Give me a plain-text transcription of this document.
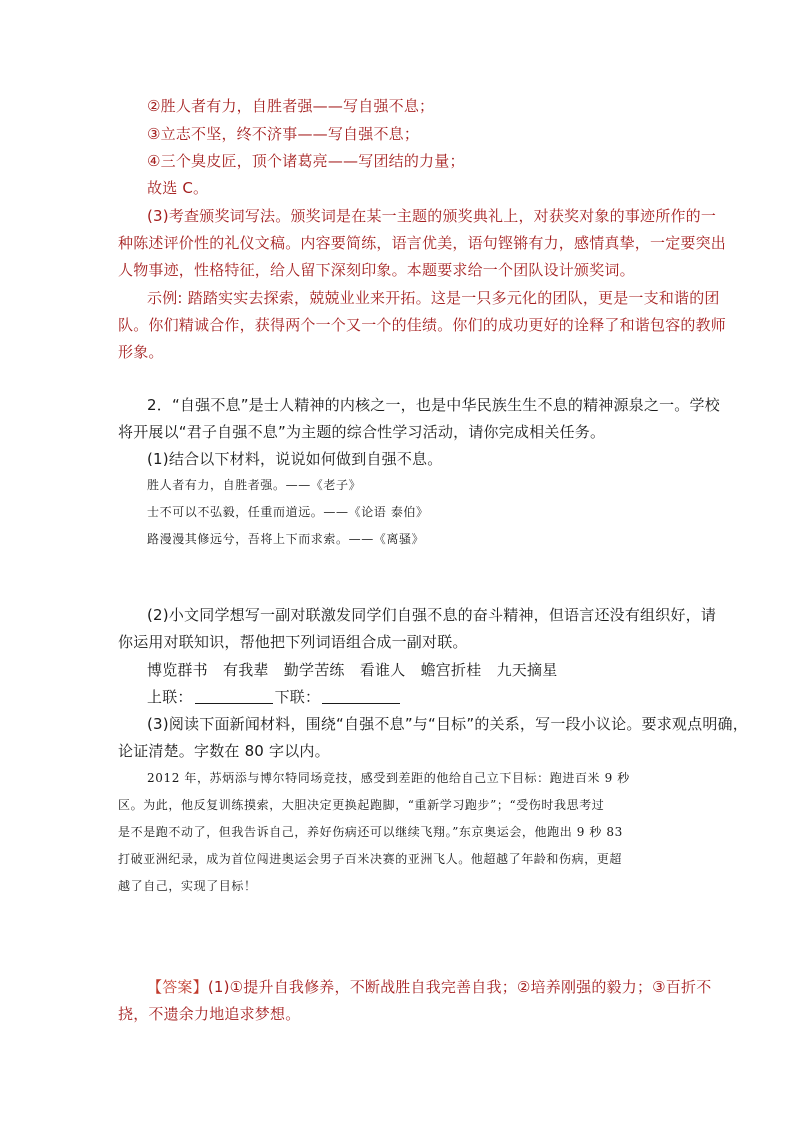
②胜人者有力，自胜者强——写自强不息；
③立志不坚，终不济事——写自强不息；
④三个臭皮匠，顶个诸葛亮——写团结的力量；
故选 C。
(3)考查颁奖词写法。颁奖词是在某一主题的颁奖典礼上，对获奖对象的事迹所作的一
种陈述评价性的礼仪文稿。内容要简练，语言优美，语句铿锵有力，感情真挚，一定要突出
人物事迹，性格特征，给人留下深刻印象。本题要求给一个团队设计颁奖词。
示例: 踏踏实实去探索，兢兢业业来开拓。这是一只多元化的团队，更是一支和谐的团
队。你们精诚合作，获得两个一个又一个的佳绩。你们的成功更好的诠释了和谐包容的教师
形象。
2．“自强不息”是士人精神的内核之一，也是中华民族生生不息的精神源泉之一。学校
将开展以“君子自强不息”为主题的综合性学习活动，请你完成相关任务。
(1)结合以下材料，说说如何做到自强不息。
胜人者有力，自胜者强。——《老子》
士不可以不弘毅，任重而道远。——《论语 泰伯》
路漫漫其修远兮，吾将上下而求索。——《离骚》
(2)小文同学想写一副对联激发同学们自强不息的奋斗精神，但语言还没有组织好，请
你运用对联知识，帮他把下列词语组合成一副对联。
博览群书　有我辈　勤学苦练　看谁人　蟾宫折桂　九天摘星
上联：	下联：
(3)阅读下面新闻材料，围绕“自强不息”与“目标”的关系，写一段小议论。要求观点明确，
论证清楚。字数在 80 字以内。
2012 年，苏炳添与博尔特同场竞技，感受到差距的他给自己立下目标：跑进百米 9 秒
区。为此，他反复训练摸索，大胆决定更换起跑脚，“重新学习跑步”；“受伤时我思考过
是不是跑不动了，但我告诉自己，养好伤病还可以继续飞翔。”东京奥运会，他跑出 9 秒 83
打破亚洲纪录，成为首位闯进奥运会男子百米决赛的亚洲飞人。他超越了年龄和伤病，更超
越了自己，实现了目标！
【答案】(1)①提升自我修养，不断战胜自我完善自我；②培养刚强的毅力；③百折不
挠，不遗余力地追求梦想。
